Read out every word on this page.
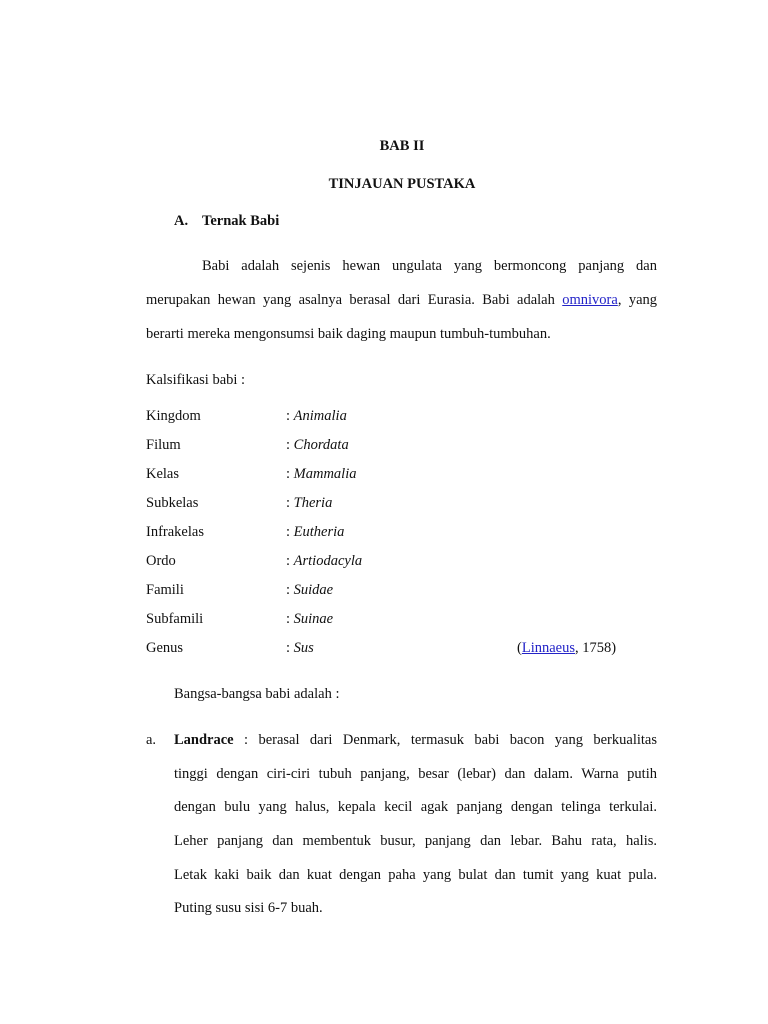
BAB II
TINJAUAN PUSTAKA
A. Ternak Babi
Babi adalah sejenis hewan ungulata yang bermoncong panjang dan
merupakan hewan yang asalnya berasal dari Eurasia. Babi adalah omnivora, yang
berarti mereka mengonsumsi baik daging maupun tumbuh-tumbuhan.
Kalsifikasi babi :
Kingdom	: Animalia
Filum	: Chordata
Kelas	: Mammalia
Subkelas	: Theria
Infrakelas	: Eutheria
Ordo	: Artiodacyla
Famili	: Suidae
Subfamili	: Suinae
Genus	: Sus	(Linnaeus, 1758)
Bangsa-bangsa babi adalah :
a. Landrace : berasal dari Denmark, termasuk babi bacon yang berkualitas
tinggi dengan ciri-ciri tubuh panjang, besar (lebar) dan dalam. Warna putih
dengan bulu yang halus, kepala kecil agak panjang dengan telinga terkulai.
Leher panjang dan membentuk busur, panjang dan lebar. Bahu rata, halis.
Letak kaki baik dan kuat dengan paha yang bulat dan tumit yang kuat pula.
Puting susu sisi 6-7 buah.
